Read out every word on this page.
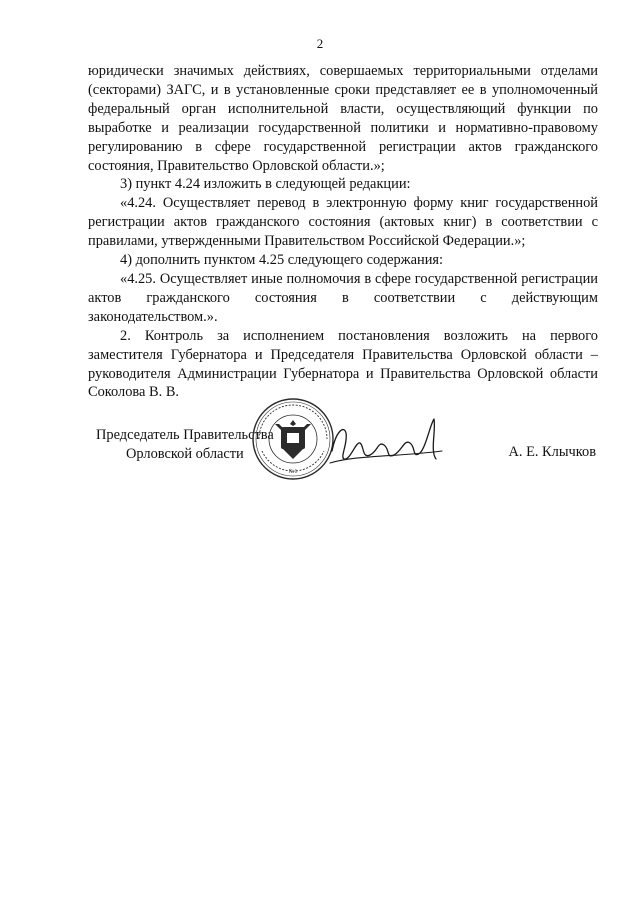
2

юридически значимых действиях, совершаемых территориальными отделами (секторами) ЗАГС, и в установленные сроки представляет ее в уполномоченный федеральный орган исполнительной власти, осуществляющий функции по выработке и реализации государственной политики и нормативно-правовому регулированию в сфере государственной регистрации актов гражданского состояния, Правительство Орловской области.»;

3) пункт 4.24 изложить в следующей редакции:

«4.24. Осуществляет перевод в электронную форму книг государственной регистрации актов гражданского состояния (актовых книг) в соответствии с правилами, утвержденными Правительством Российской Федерации.»;

4) дополнить пунктом 4.25 следующего содержания:

«4.25. Осуществляет иные полномочия в сфере государственной регистрации актов гражданского состояния в соответствии с действующим законодательством.».

2. Контроль за исполнением постановления возложить на первого заместителя Губернатора и Председателя Правительства Орловской области – руководителя Администрации Губернатора и Правительства Орловской области Соколова В. В.

Председатель Правительства
Орловской области
№1
А. Е. Клычков
